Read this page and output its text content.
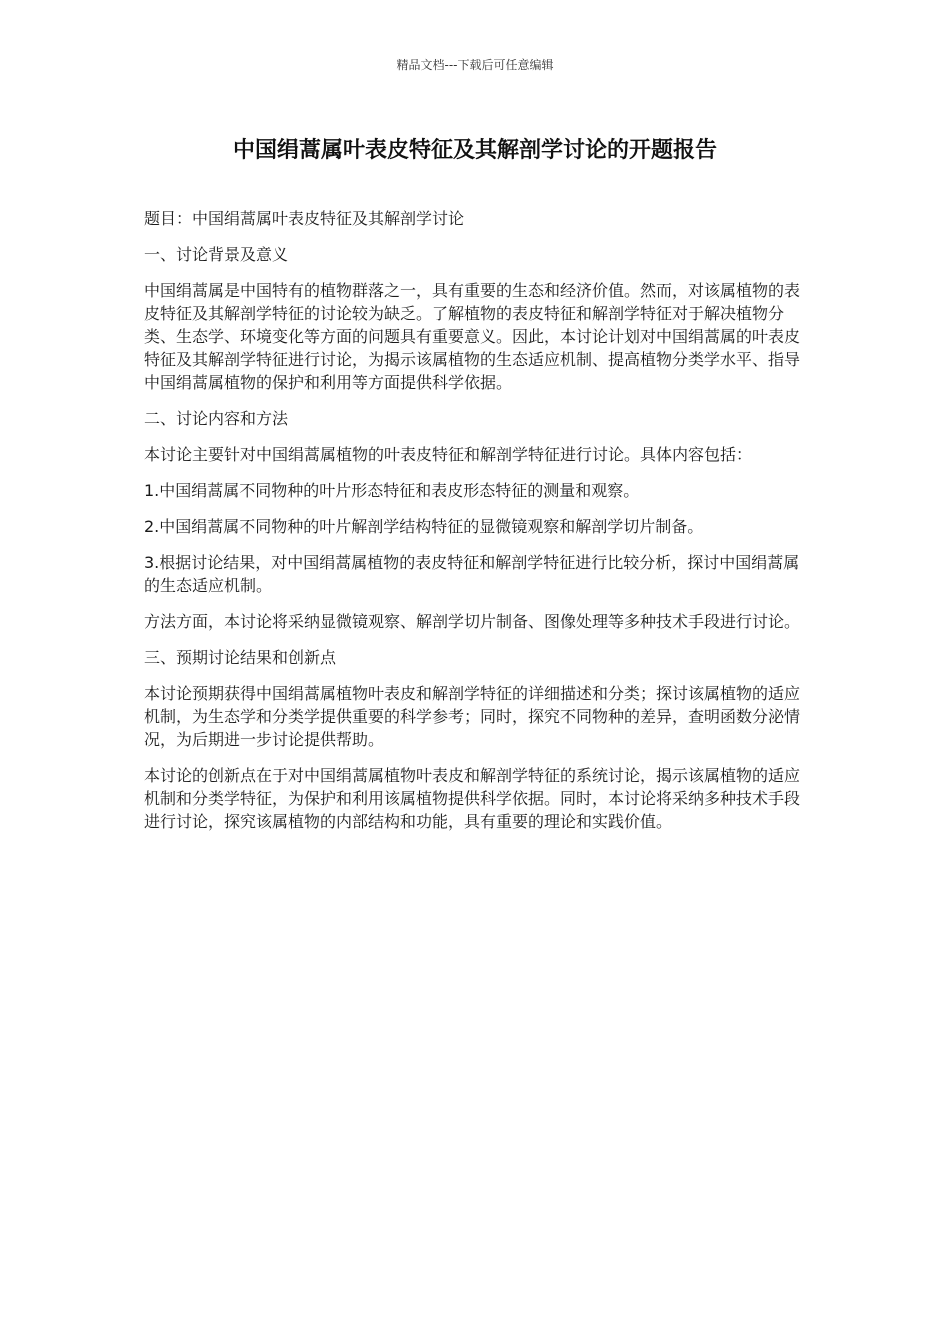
精品文档---下载后可任意编辑
中国绢蒿属叶表皮特征及其解剖学讨论的开题报告

题目：中国绢蒿属叶表皮特征及其解剖学讨论

一、讨论背景及意义

中国绢蒿属是中国特有的植物群落之一，具有重要的生态和经济价值。然而，对该属植物的表皮特征及其解剖学特征的讨论较为缺乏。了解植物的表皮特征和解剖学特征对于解决植物分类、生态学、环境变化等方面的问题具有重要意义。因此，本讨论计划对中国绢蒿属的叶表皮特征及其解剖学特征进行讨论，为揭示该属植物的生态适应机制、提高植物分类学水平、指导中国绢蒿属植物的保护和利用等方面提供科学依据。

二、讨论内容和方法

本讨论主要针对中国绢蒿属植物的叶表皮特征和解剖学特征进行讨论。具体内容包括：

1.中国绢蒿属不同物种的叶片形态特征和表皮形态特征的测量和观察。

2.中国绢蒿属不同物种的叶片解剖学结构特征的显微镜观察和解剖学切片制备。

3.根据讨论结果，对中国绢蒿属植物的表皮特征和解剖学特征进行比较分析，探讨中国绢蒿属的生态适应机制。

方法方面，本讨论将采纳显微镜观察、解剖学切片制备、图像处理等多种技术手段进行讨论。

三、预期讨论结果和创新点

本讨论预期获得中国绢蒿属植物叶表皮和解剖学特征的详细描述和分类；探讨该属植物的适应机制，为生态学和分类学提供重要的科学参考；同时，探究不同物种的差异，查明函数分泌情况，为后期进一步讨论提供帮助。

本讨论的创新点在于对中国绢蒿属植物叶表皮和解剖学特征的系统讨论，揭示该属植物的适应机制和分类学特征，为保护和利用该属植物提供科学依据。同时，本讨论将采纳多种技术手段进行讨论，探究该属植物的内部结构和功能，具有重要的理论和实践价值。
